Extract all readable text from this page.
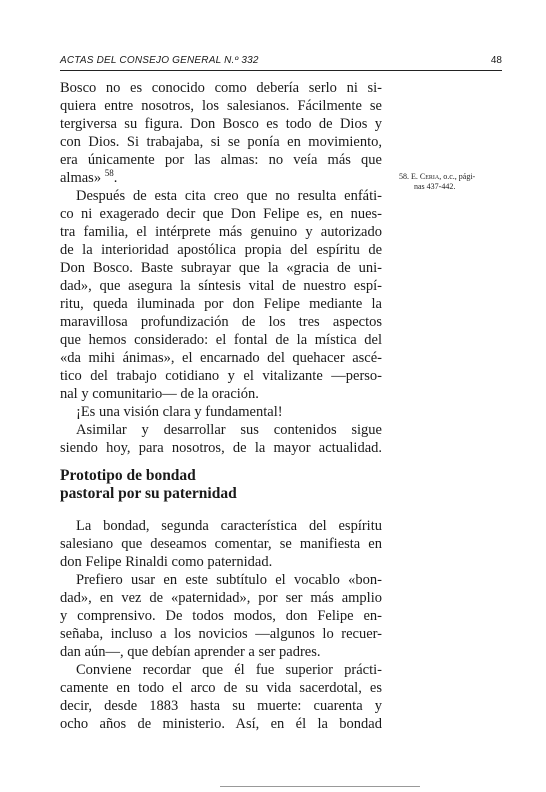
ACTAS DEL CONSEJO GENERAL N.º 332	48
Bosco no es conocido como debería serlo ni si-
quiera entre nosotros, los salesianos. Fácilmente se
tergiversa su figura. Don Bosco es todo de Dios y
con Dios. Si trabajaba, si se ponía en movimiento,
era únicamente por las almas: no veía más que
almas» $^{58}$.	58. E. Ceria, o.c., pági-
nas 437-442.
Después de esta cita creo que no resulta enfáti-
co ni exagerado decir que Don Felipe es, en nues-
tra familia, el intérprete más genuino y autorizado
de la interioridad apostólica propia del espíritu de
Don Bosco. Baste subrayar que la «gracia de uni-
dad», que asegura la síntesis vital de nuestro espí-
ritu, queda iluminada por don Felipe mediante la
maravillosa profundización de los tres aspectos
que hemos considerado: el fontal de la mística del
«da mihi ánimas», el encarnado del quehacer ascé-
tico del trabajo cotidiano y el vitalizante —perso-
nal y comunitario— de la oración.
¡Es una visión clara y fundamental!
Asimilar y desarrollar sus contenidos sigue
siendo hoy, para nosotros, de la mayor actualidad.
Prototipo de bondad
pastoral por su paternidad
La bondad, segunda característica del espíritu
salesiano que deseamos comentar, se manifiesta en
don Felipe Rinaldi como paternidad.
Prefiero usar en este subtítulo el vocablo «bon-
dad», en vez de «paternidad», por ser más amplio
y comprensivo. De todos modos, don Felipe en-
señaba, incluso a los novicios —algunos lo recuer-
dan aún—, que debían aprender a ser padres.
Conviene recordar que él fue superior prácti-
camente en todo el arco de su vida sacerdotal, es
decir, desde 1883 hasta su muerte: cuarenta y
ocho años de ministerio. Así, en él la bondad
